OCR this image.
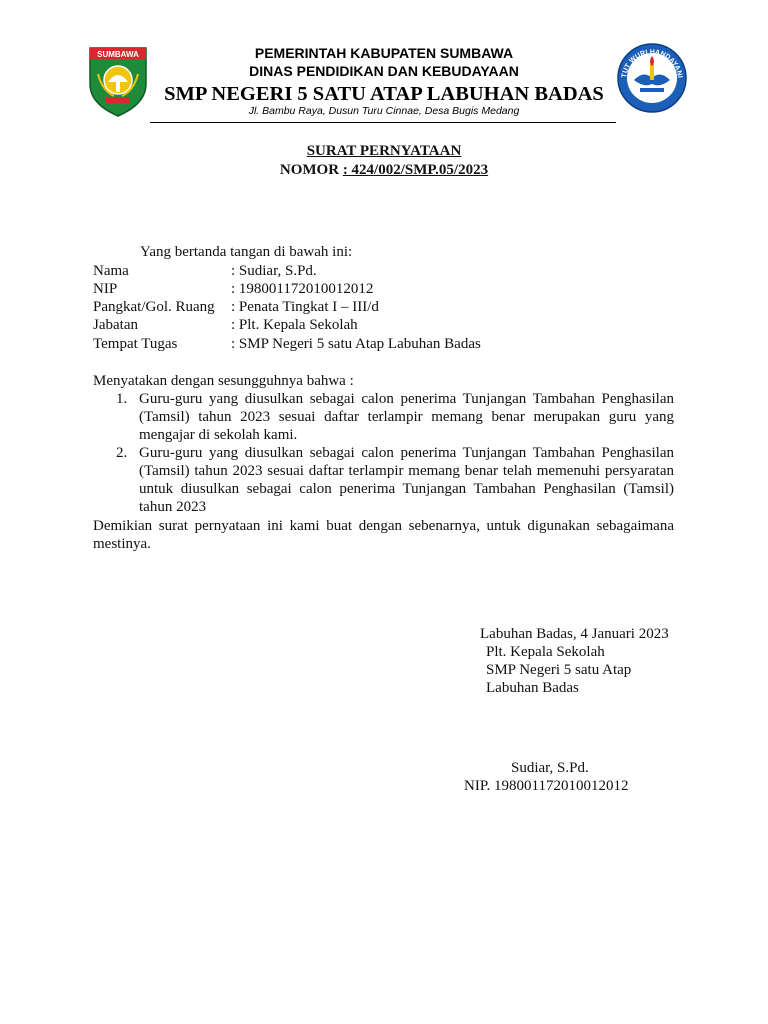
SUMBAWA
TUT WURI HANDAYANI
PEMERINTAH KABUPATEN SUMBAWA
DINAS PENDIDIKAN DAN KEBUDAYAAN
SMP NEGERI 5 SATU ATAP LABUHAN BADAS
Jl. Bambu Raya, Dusun Turu Cinnae, Desa Bugis Medang
SURAT PERNYATAAN
NOMOR : 424/002/SMP.05/2023
Yang bertanda tangan di bawah ini:
Nama	: Sudiar, S.Pd.
NIP	: 198001172010012012
Pangkat/Gol. Ruang : Penata Tingkat I – III/d
Jabatan	: Plt. Kepala Sekolah
Tempat Tugas	: SMP Negeri 5 satu Atap Labuhan Badas
Menyatakan dengan sesungguhnya bahwa :
1. Guru-guru yang diusulkan sebagai calon penerima Tunjangan Tambahan Penghasilan
(Tamsil) tahun 2023 sesuai daftar terlampir memang benar merupakan guru yang
mengajar di sekolah kami.
2. Guru-guru yang diusulkan sebagai calon penerima Tunjangan Tambahan Penghasilan
(Tamsil) tahun 2023 sesuai daftar terlampir memang benar telah memenuhi persyaratan
untuk diusulkan sebagai calon penerima Tunjangan Tambahan Penghasilan (Tamsil)
tahun 2023
Demikian surat pernyataan ini kami buat dengan sebenarnya, untuk digunakan sebagaimana
mestinya.
Labuhan Badas, 4 Januari 2023
Plt. Kepala Sekolah
SMP Negeri 5 satu Atap
Labuhan Badas
Sudiar, S.Pd.
NIP. 198001172010012012
